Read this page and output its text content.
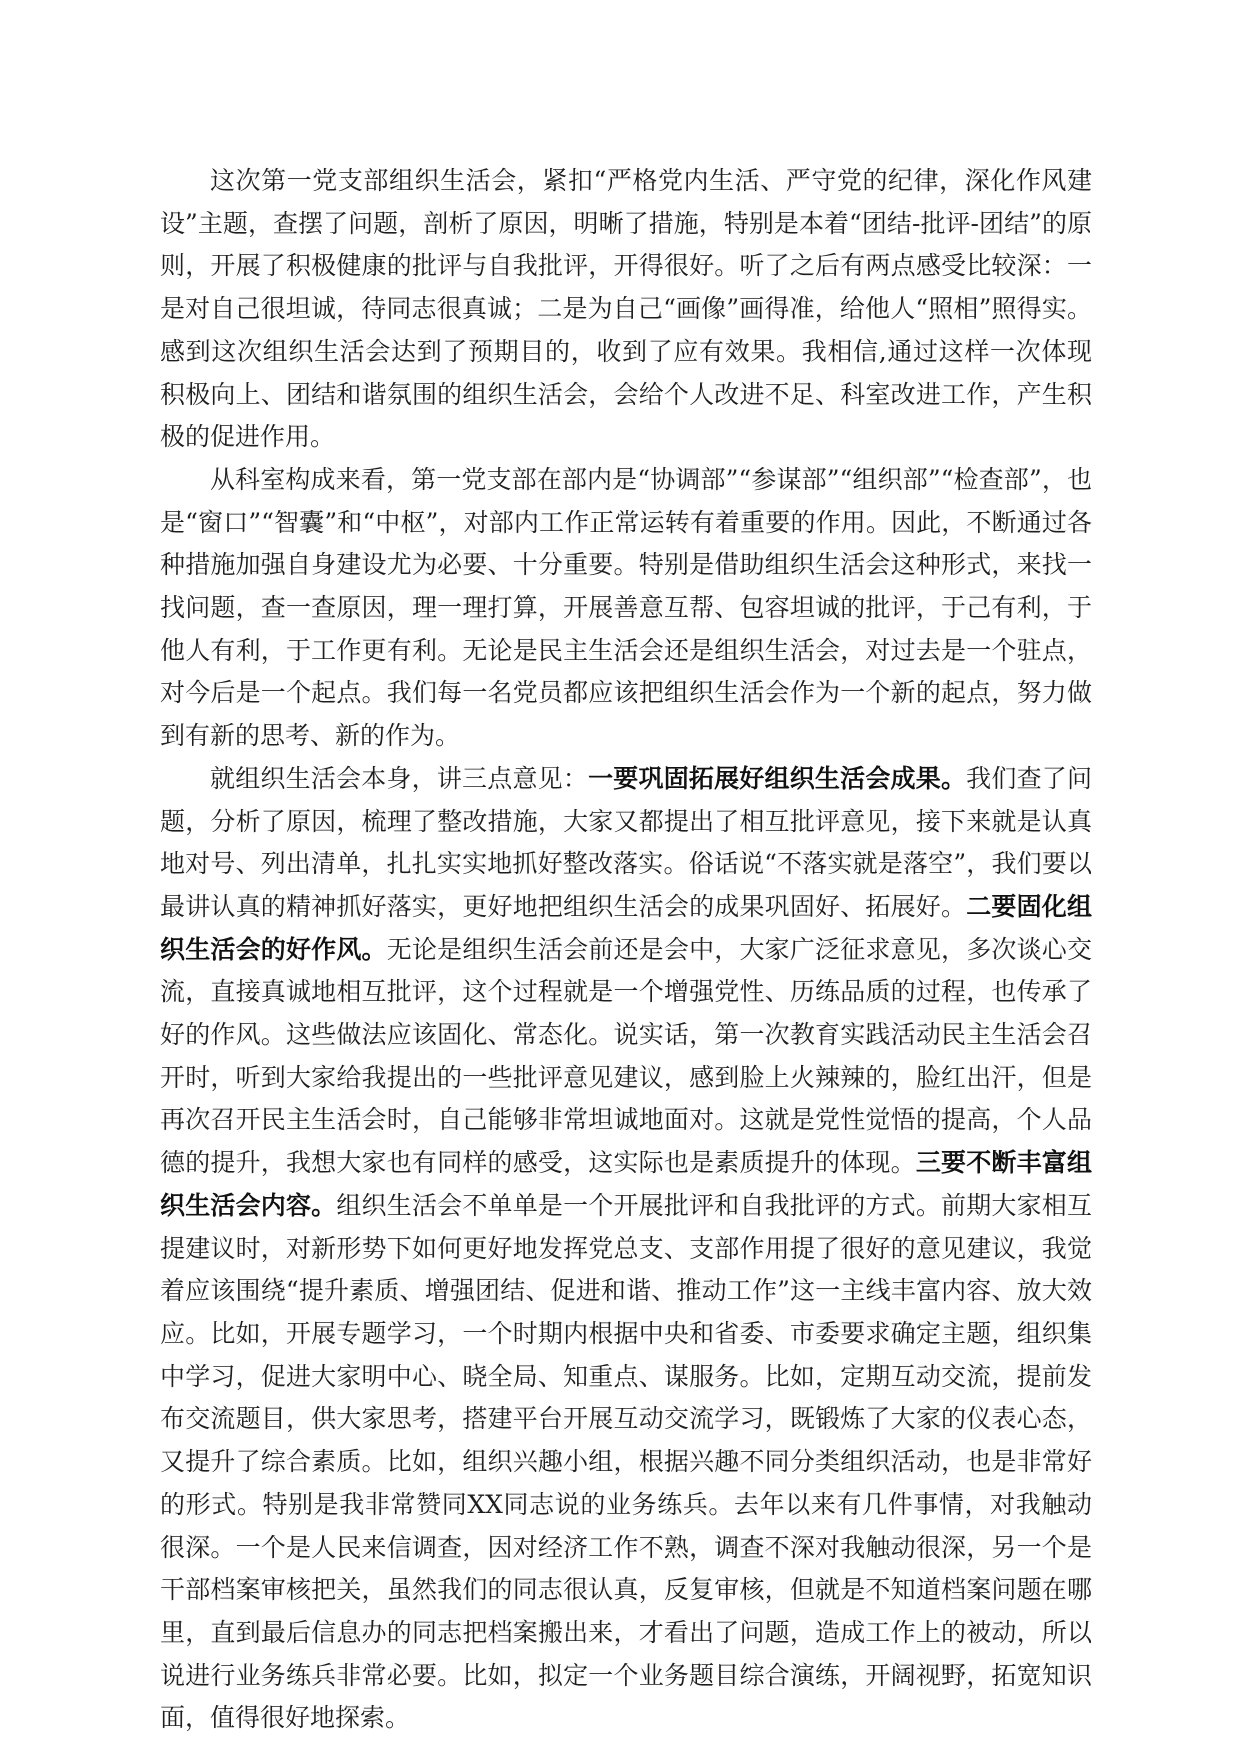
这次第一党支部组织生活会，紧扣“严格党内生活、严守党的纪律，深化作风建设”主题，查摆了问题，剖析了原因，明晰了措施，特别是本着“团结-批评-团结”的原则，开展了积极健康的批评与自我批评，开得很好。听了之后有两点感受比较深：一是对自己很坦诚，待同志很真诚；二是为自己“画像”画得准，给他人“照相”照得实。感到这次组织生活会达到了预期目的，收到了应有效果。我相信,通过这样一次体现积极向上、团结和谐氛围的组织生活会，会给个人改进不足、科室改进工作，产生积极的促进作用。

从科室构成来看，第一党支部在部内是“协调部”“参谋部”“组织部”“检查部”，也是“窗口”“智囊”和“中枢”，对部内工作正常运转有着重要的作用。因此，不断通过各种措施加强自身建设尤为必要、十分重要。特别是借助组织生活会这种形式，来找一找问题，查一查原因，理一理打算，开展善意互帮、包容坦诚的批评，于己有利，于他人有利，于工作更有利。无论是民主生活会还是组织生活会，对过去是一个驻点，对今后是一个起点。我们每一名党员都应该把组织生活会作为一个新的起点，努力做到有新的思考、新的作为。

就组织生活会本身，讲三点意见：一要巩固拓展好组织生活会成果。我们查了问题，分析了原因，梳理了整改措施，大家又都提出了相互批评意见，接下来就是认真地对号、列出清单，扎扎实实地抓好整改落实。俗话说“不落实就是落空”，我们要以最讲认真的精神抓好落实，更好地把组织生活会的成果巩固好、拓展好。二要固化组织生活会的好作风。无论是组织生活会前还是会中，大家广泛征求意见，多次谈心交流，直接真诚地相互批评，这个过程就是一个增强党性、历练品质的过程，也传承了好的作风。这些做法应该固化、常态化。说实话，第一次教育实践活动民主生活会召开时，听到大家给我提出的一些批评意见建议，感到脸上火辣辣的，脸红出汗，但是再次召开民主生活会时，自己能够非常坦诚地面对。这就是党性觉悟的提高，个人品德的提升，我想大家也有同样的感受，这实际也是素质提升的体现。三要不断丰富组织生活会内容。组织生活会不单单是一个开展批评和自我批评的方式。前期大家相互提建议时，对新形势下如何更好地发挥党总支、支部作用提了很好的意见建议，我觉着应该围绕“提升素质、增强团结、促进和谐、推动工作”这一主线丰富内容、放大效应。比如，开展专题学习，一个时期内根据中央和省委、市委要求确定主题，组织集中学习，促进大家明中心、晓全局、知重点、谋服务。比如，定期互动交流，提前发布交流题目，供大家思考，搭建平台开展互动交流学习，既锻炼了大家的仪表心态，又提升了综合素质。比如，组织兴趣小组，根据兴趣不同分类组织活动，也是非常好的形式。特别是我非常赞同XX同志说的业务练兵。去年以来有几件事情，对我触动很深。一个是人民来信调查，因对经济工作不熟，调查不深对我触动很深，另一个是干部档案审核把关，虽然我们的同志很认真，反复审核，但就是不知道档案问题在哪里，直到最后信息办的同志把档案搬出来，才看出了问题，造成工作上的被动，所以说进行业务练兵非常必要。比如，拟定一个业务题目综合演练，开阔视野，拓宽知识面，值得很好地探索。
